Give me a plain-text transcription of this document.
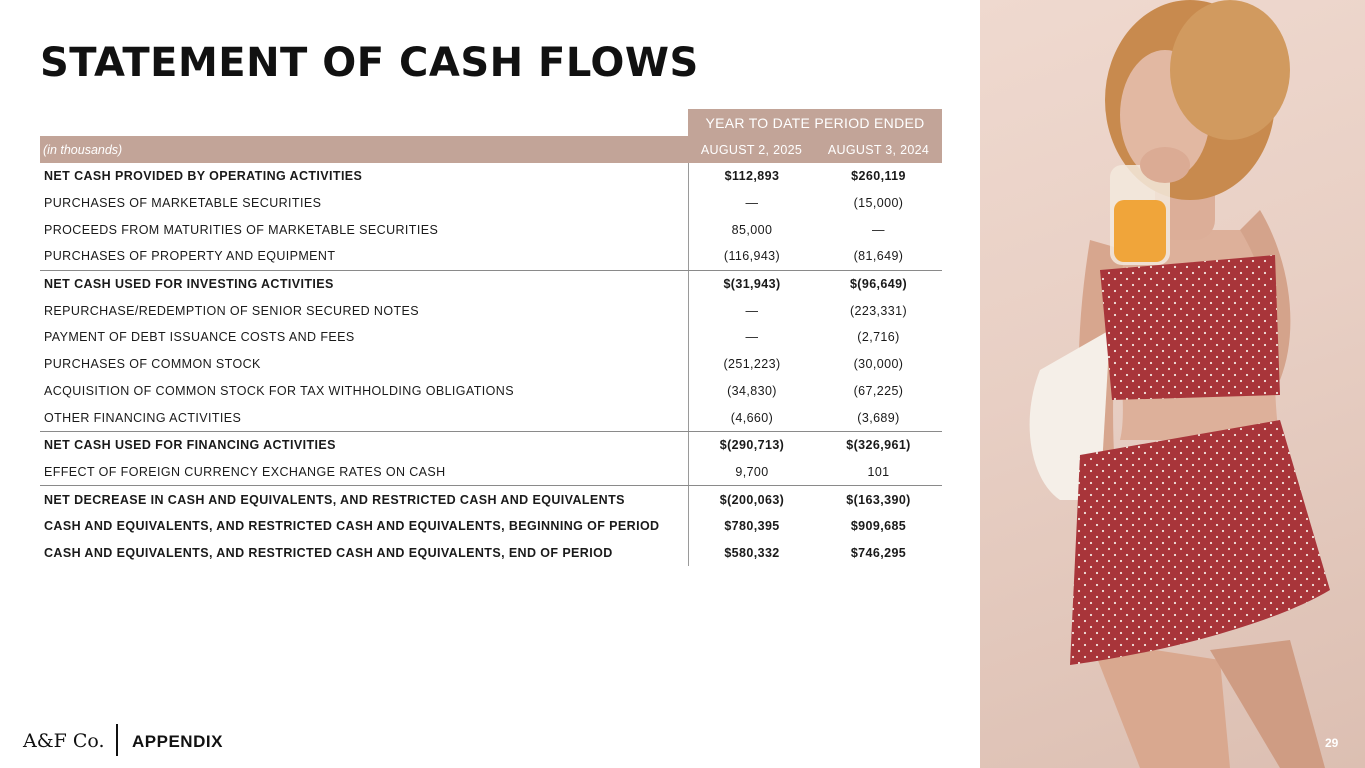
STATEMENT OF CASH FLOWS
YEAR TO DATE PERIOD ENDED
(in thousands)	AUGUST 2, 2025	AUGUST 3, 2024
NET CASH PROVIDED BY OPERATING ACTIVITIES	$112,893	$260,119
PURCHASES OF MARKETABLE SECURITIES	—	(15,000)
PROCEEDS FROM MATURITIES OF MARKETABLE SECURITIES	85,000	—
PURCHASES OF PROPERTY AND EQUIPMENT	(116,943)	(81,649)
NET CASH USED FOR INVESTING ACTIVITIES	$(31,943)	$(96,649)
REPURCHASE/REDEMPTION OF SENIOR SECURED NOTES	—	(223,331)
PAYMENT OF DEBT ISSUANCE COSTS AND FEES	—	(2,716)
PURCHASES OF COMMON STOCK	(251,223)	(30,000)
ACQUISITION OF COMMON STOCK FOR TAX WITHHOLDING OBLIGATIONS	(34,830)	(67,225)
OTHER FINANCING ACTIVITIES	(4,660)	(3,689)
NET CASH USED FOR FINANCING ACTIVITIES	$(290,713)	$(326,961)
EFFECT OF FOREIGN CURRENCY EXCHANGE RATES ON CASH	9,700	101
NET DECREASE IN CASH AND EQUIVALENTS, AND RESTRICTED CASH AND EQUIVALENTS	$(200,063)	$(163,390)
CASH AND EQUIVALENTS, AND RESTRICTED CASH AND EQUIVALENTS, BEGINNING OF PERIOD	$780,395	$909,685
CASH AND EQUIVALENTS, AND RESTRICTED CASH AND EQUIVALENTS, END OF PERIOD	$580,332	$746,295
A&F Co. APPENDIX	29
